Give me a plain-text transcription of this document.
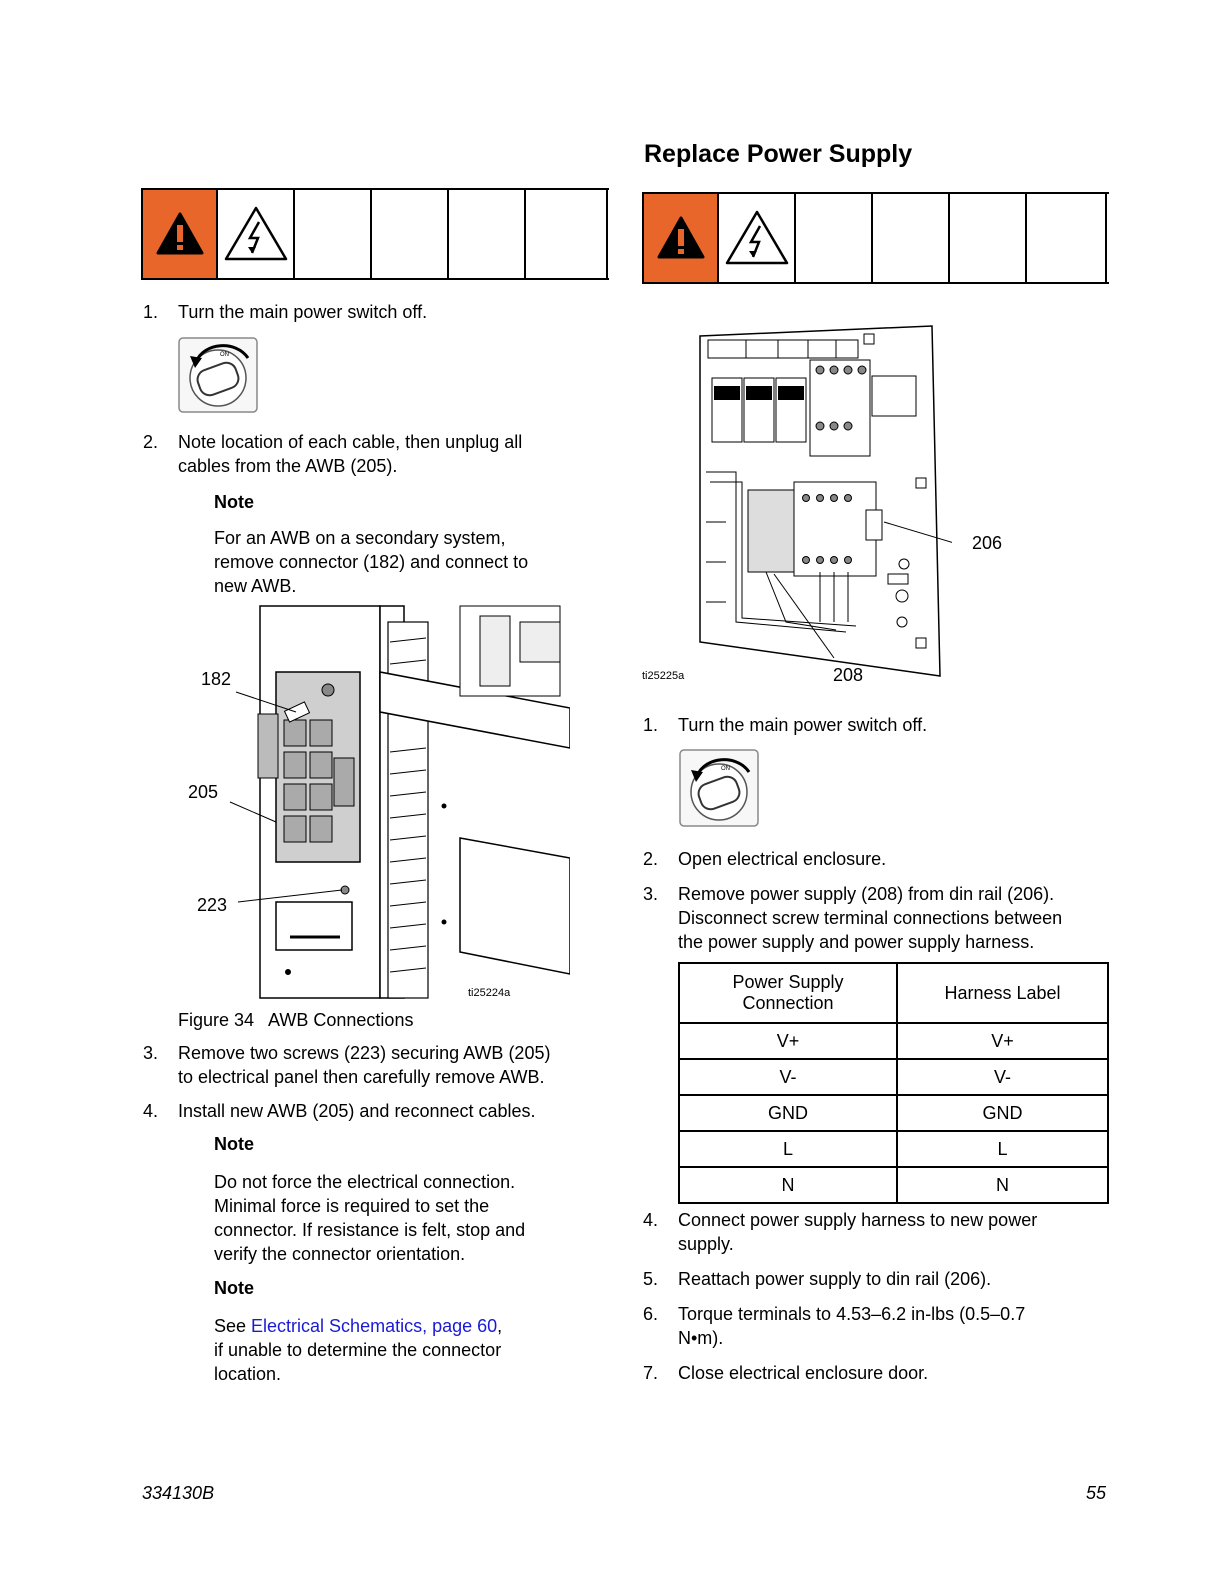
Replace Power Supply
1. Turn the main power switch off.
ON
2. Note location of each cable, then unplug all
cables from the AWB (205).
Note
For an AWB on a secondary system,
remove connector (182) and connect to
new AWB.
182
205
223
ti25224a
Figure 34   AWB Connections
3. Remove two screws (223) securing AWB (205)
to electrical panel then carefully remove AWB.
4. Install new AWB (205) and reconnect cables.
Note
Do not force the electrical connection.
Minimal force is required to set the
connector. If resistance is felt, stop and
verify the connector orientation.
Note
See Electrical Schematics, page 60,
if unable to determine the connector
location.
206
208
ti25225a
1. Turn the main power switch off.
ON
2. Open electrical enclosure.
3. Remove power supply (208) from din rail (206).
Disconnect screw terminal connections between
the power supply and power supply harness.
Power Supply
Connection	Harness Label
V+	V+
V-	V-
GND	GND
L	L
N	N
4. Connect power supply harness to new power
supply.
5. Reattach power supply to din rail (206).
6. Torque terminals to 4.53–6.2 in-lbs (0.5–0.7
N•m).
7. Close electrical enclosure door.
334130B	55
